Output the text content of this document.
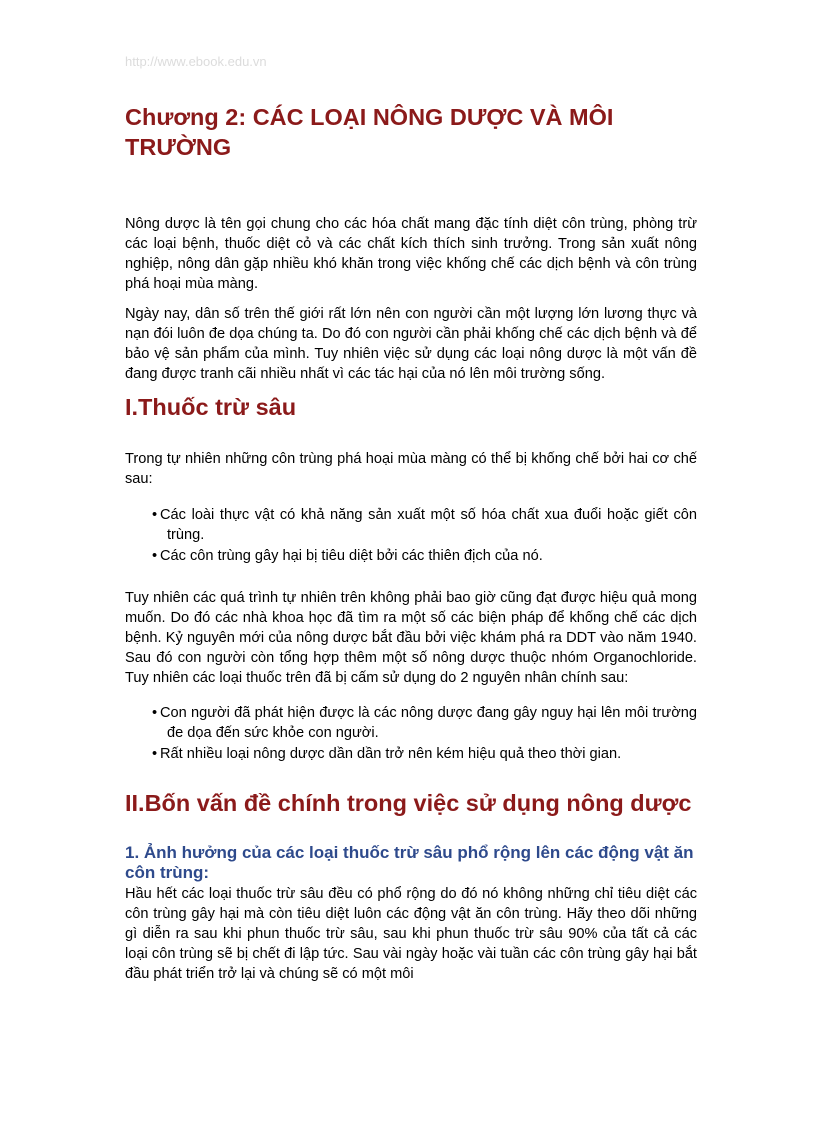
http://www.ebook.edu.vn
Chương 2: CÁC LOẠI NÔNG DƯỢC VÀ MÔI TRƯỜNG

Nông dược là tên gọi chung cho các hóa chất mang đặc tính diệt côn trùng, phòng trừ các loại bệnh, thuốc diệt cỏ và các chất kích thích sinh trưởng. Trong sản xuất nông nghiệp, nông dân gặp nhiều khó khăn trong việc khống chế các dịch bệnh và côn trùng phá hoại mùa màng.

Ngày nay, dân số trên thế giới rất lớn nên con người cần một lượng lớn lương thực và nạn đói luôn đe dọa chúng ta. Do đó con người cần phải khống chế các dịch bệnh và để bảo vệ sản phẩm của mình. Tuy nhiên việc sử dụng các loại nông dược là một vấn đề đang được tranh cãi nhiều nhất vì các tác hại của nó lên môi trường sống.

I.Thuốc trừ sâu

Trong tự nhiên những côn trùng phá hoại mùa màng có thể bị khống chế bởi hai cơ chế sau:

• Các loài thực vật có khả năng sản xuất một số hóa chất xua đuổi hoặc giết côn trùng.
• Các côn trùng gây hại bị tiêu diệt bởi các thiên địch của nó.

Tuy nhiên các quá trình tự nhiên trên không phải bao giờ cũng đạt được hiệu quả mong muốn. Do đó các nhà khoa học đã tìm ra một số các biện pháp để khống chế các dịch bệnh. Kỷ nguyên mới của nông dược bắt đầu bởi việc khám phá ra DDT vào năm 1940. Sau đó con người còn tổng hợp thêm một số nông dược thuộc nhóm Organochloride. Tuy nhiên các loại thuốc trên đã bị cấm sử dụng do 2 nguyên nhân chính sau:

• Con người đã phát hiện được là các nông dược đang gây nguy hại lên môi trường đe dọa đến sức khỏe con người.
• Rất nhiều loại nông dược dần dần trở nên kém hiệu quả theo thời gian.
II.Bốn vấn đề chính trong việc sử dụng nông dược
1. Ảnh hưởng của các loại thuốc trừ sâu phổ rộng lên các động vật ăn côn trùng:

Hầu hết các loại thuốc trừ sâu đều có phổ rộng do đó nó không những chỉ tiêu diệt các côn trùng gây hại mà còn tiêu diệt luôn các động vật ăn côn trùng. Hãy theo dõi những gì diễn ra sau khi phun thuốc trừ sâu, sau khi phun thuốc trừ sâu 90% của tất cả các loại côn trùng sẽ bị chết đi lập tức. Sau vài ngày hoặc vài tuần các côn trùng gây hại bắt đầu phát triển trở lại và chúng sẽ có một môi
